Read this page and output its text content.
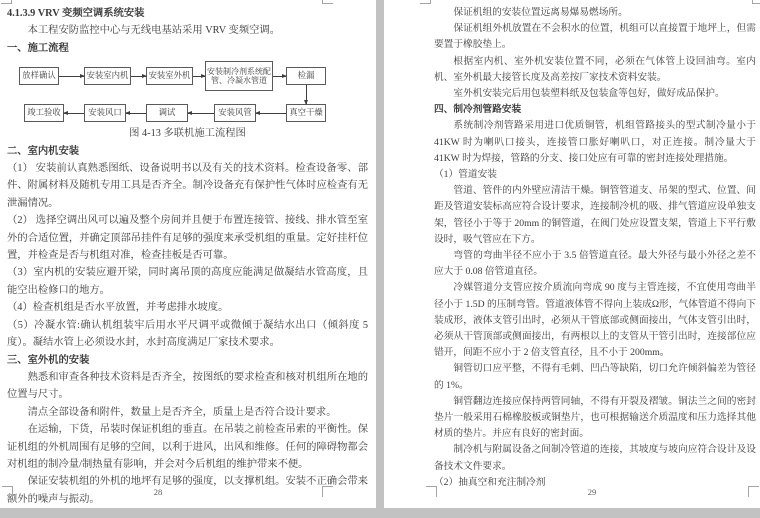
4.1.3.9 VRV 变频空调系统安装

本工程安防监控中心与无线电基站采用 VRV 变频空调。

一、施工流程
放样确认	安装室内机	安装室外机
安装制冷剂系统配管、冷凝水管道
检漏
竣工验收	安装风口	调试	安装风管	真空干燥
图 4-13 多联机施工流程图
二、室内机安装

（1） 安装前认真熟悉图纸、设备说明书以及有关的技术资料。检查设备零、部件、附属材料及随机专用工具是否齐全。制冷设备充有保护性气体时应检查有无泄漏情况。

（2） 选择空调出风可以遍及整个房间并且便于布置连接管、接线、排水管至室外的合适位置，并确定顶部吊挂件有足够的强度来承受机组的重量。定好挂杆位置，并检查是否与机组对准，检查挂板是否可靠。

（3）室内机的安装应避开梁，同时离吊顶的高度应能满足做凝结水管高度，且能空出检修口的地方。

（4）检查机组是否水平放置，并考虑排水坡度。

（5）冷凝水管:确认机组装牢后用水平尺调平或微倾于凝结水出口（倾斜度 5 度）。凝结水管上必须设水封，水封高度满足厂家技术要求。

三、室外机的安装

熟悉和审查各种技术资料是否齐全，按图纸的要求检查和核对机组所在地的位置与尺寸。

清点全部设备和附件，数量上是否齐全，质量上是否符合设计要求。

在运输，下货，吊装时保证机组的垂直。在吊装之前检查吊索的平衡性。保证机组的外机周围有足够的空间，以利于进风，出风和维修。任何的障碍物都会对机组的制冷量/制热量有影响，并会对今后机组的维护带来不便。

保证安装机组的外机的地坪有足够的强度，以支撑机组。安装不正确会带来额外的噪声与振动。

28

保证机组的安装位置远离易爆易燃场所。

保证机组外机放置在不会积水的位置，机组可以直接置于地坪上，但需要置于橡胶垫上。

根据室内机、室外机安装位置不同，必须在气体管上设回油弯。室内机、室外机最大接管长度及高差按厂家技术资料安装。

室外机安装完后用包装塑料纸及包装盒等包好，做好成品保护。

四、制冷剂管路安装

系统制冷剂管路采用进口优质铜管，机组管路接头的型式制冷量小于 41KW 时为喇叭口接头，连接管口胀好喇叭口，对正连接。制冷量大于 41KW 时为焊接，管路的分支、接口处应有可靠的密封连接处理措施。

（1）管道安装

管道、管件的内外壁应清洁干燥。铜管管道支、吊架的型式、位置、间距及管道安装标高应符合设计要求，连接制冷机的吸、排气管道应设单独支架，管径小于等于 20mm 的铜管道，在阀门处应设置支架，管道上下平行敷设时，吸气管应在下方。

弯管的弯曲半径不应小于 3.5 倍管道直径。最大外径与最小外径之差不应大于 0.08 倍管道直径。

冷媒管道分支管应按介质流向弯成 90 度与主管连接，不宜使用弯曲半径小于 1.5D 的压制弯管。管道液体管不得向上装成Ω形，气体管道不得向下装成形，液体支管引出时，必须从干管底部或侧面接出，气体支管引出时，必须从干管顶部或侧面接出，有两根以上的支管从干管引出时，连接部位应错开，间距不应小于 2 倍支管直径，且不小于 200mm。

铜管切口应平整，不得有毛刺、凹凸等缺陷，切口允许倾斜偏差为管径的 1%。

铜管翻边连接应保持两管同轴，不得有开裂及褶皱。铜法兰之间的密封垫片一般采用石棉橡胶板或铜垫片，也可根据输送介质温度和压力选择其他材质的垫片。并应有良好的密封面。

制冷机与附属设备之间制冷管道的连接，其坡度与坡向应符合设计及设备技术文件要求。

（2）抽真空和充注制冷剂

29
